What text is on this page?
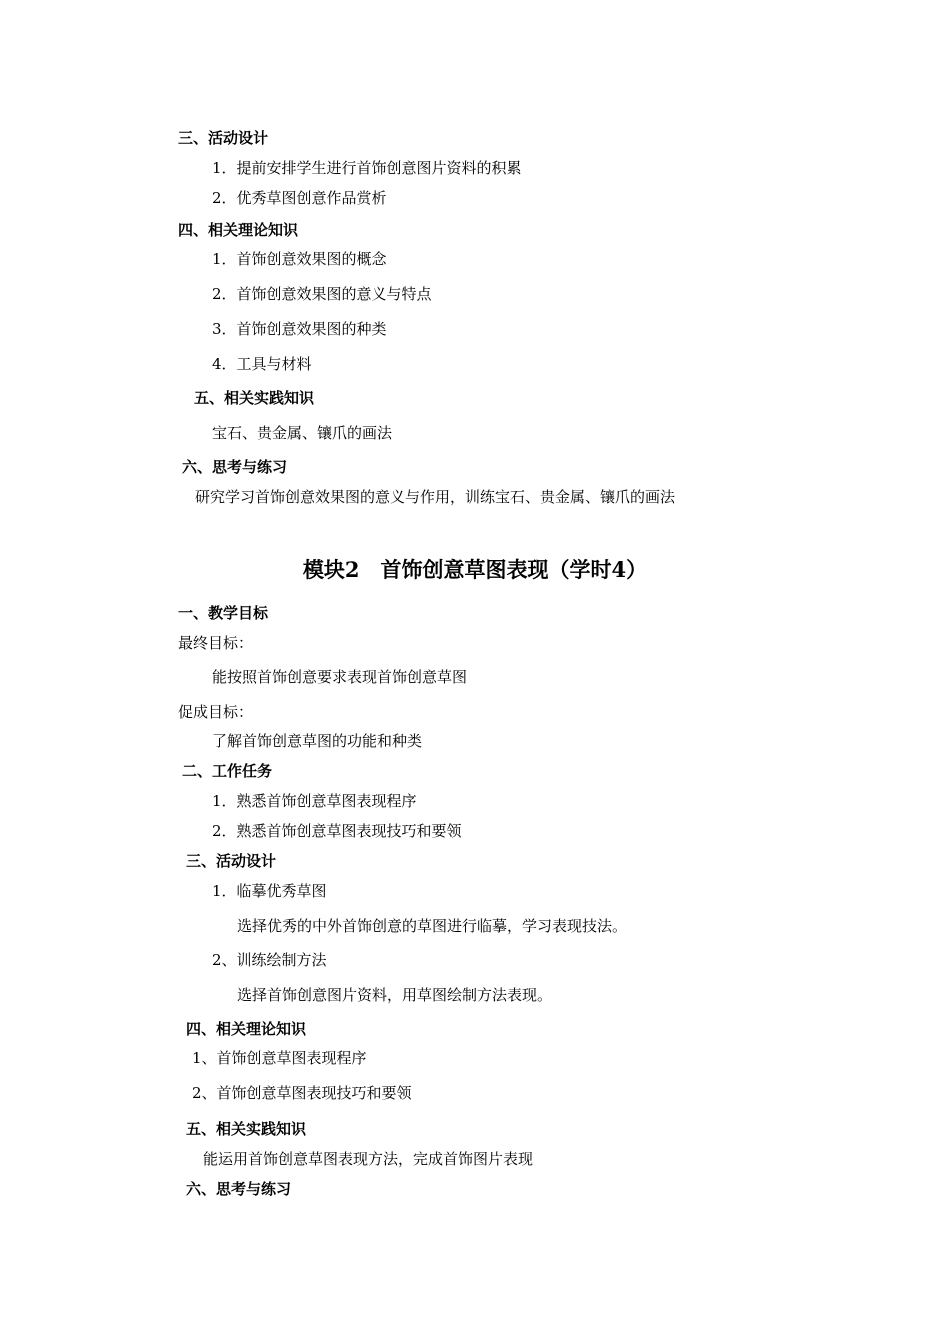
三、活动设计
1．提前安排学生进行首饰创意图片资料的积累
2．优秀草图创意作品赏析
四、相关理论知识
1．首饰创意效果图的概念
2．首饰创意效果图的意义与特点
3．首饰创意效果图的种类
4．工具与材料
五、相关实践知识
宝石、贵金属、镶爪的画法
六、思考与练习
研究学习首饰创意效果图的意义与作用，训练宝石、贵金属、镶爪的画法
模块2　首饰创意草图表现（学时4）
一、教学目标
最终目标：
能按照首饰创意要求表现首饰创意草图
促成目标：
了解首饰创意草图的功能和种类
二、工作任务
1．熟悉首饰创意草图表现程序
2．熟悉首饰创意草图表现技巧和要领
三、活动设计
1．临摹优秀草图
选择优秀的中外首饰创意的草图进行临摹，学习表现技法。
2、训练绘制方法
选择首饰创意图片资料，用草图绘制方法表现。
四、相关理论知识
1、首饰创意草图表现程序
2、首饰创意草图表现技巧和要领
五、相关实践知识
能运用首饰创意草图表现方法，完成首饰图片表现
六、思考与练习
